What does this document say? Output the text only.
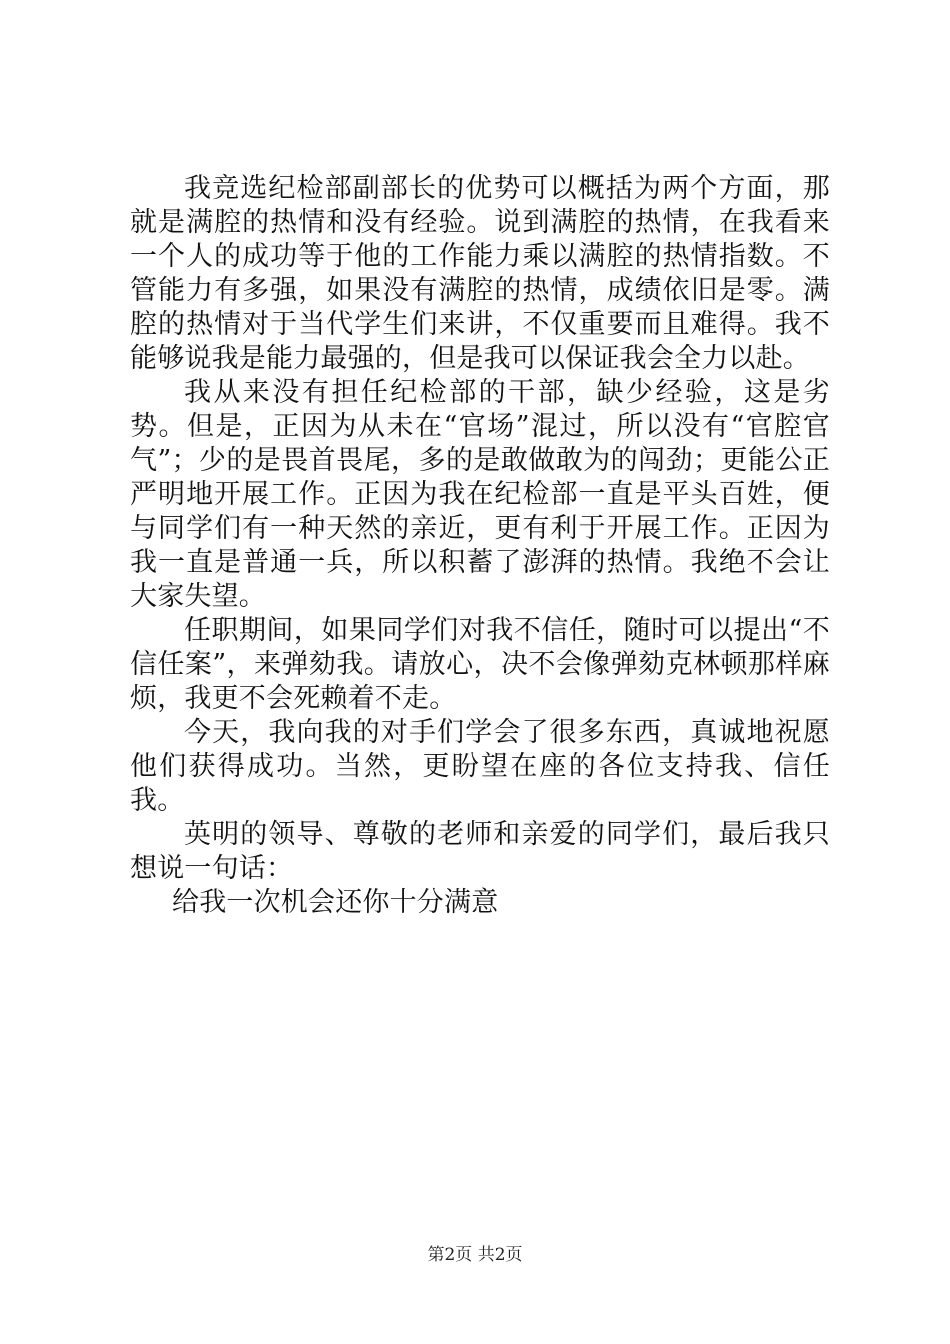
我竞选纪检部副部长的优势可以概括为两个方面，那就是满腔的热情和没有经验。说到满腔的热情，在我看来一个人的成功等于他的工作能力乘以满腔的热情指数。不管能力有多强，如果没有满腔的热情，成绩依旧是零。满腔的热情对于当代学生们来讲，不仅重要而且难得。我不能够说我是能力最强的，但是我可以保证我会全力以赴。

我从来没有担任纪检部的干部，缺少经验，这是劣势。但是，正因为从未在“官场”混过，所以没有“官腔官气”；少的是畏首畏尾，多的是敢做敢为的闯劲；更能公正严明地开展工作。正因为我在纪检部一直是平头百姓，便与同学们有一种天然的亲近，更有利于开展工作。正因为我一直是普通一兵，所以积蓄了澎湃的热情。我绝不会让大家失望。

任职期间，如果同学们对我不信任，随时可以提出“不信任案”，来弹劾我。请放心，决不会像弹劾克林顿那样麻烦，我更不会死赖着不走。

今天，我向我的对手们学会了很多东西，真诚地祝愿他们获得成功。当然，更盼望在座的各位支持我、信任我。

英明的领导、尊敬的老师和亲爱的同学们，最后我只想说一句话：

给我一次机会还你十分满意

第2页 共2页
